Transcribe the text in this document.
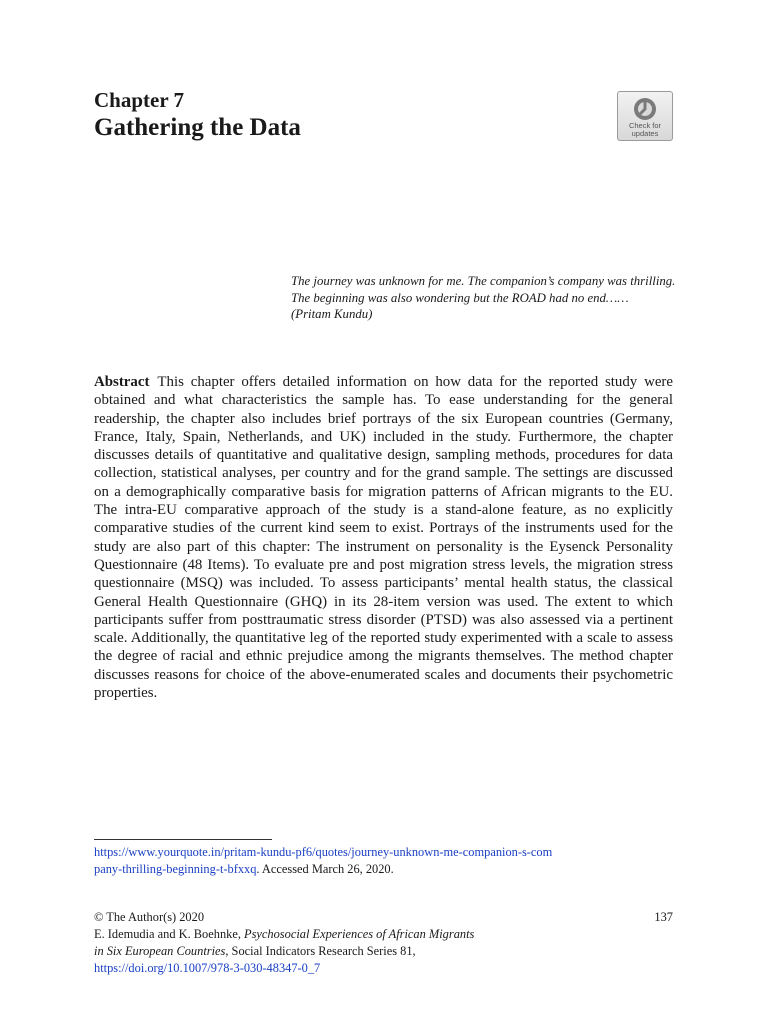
Chapter 7
Gathering the Data	Check for
updates

The journey was unknown for me. The companion’s company was thrilling. The beginning was also wondering but the ROAD had no end……

(Pritam Kundu)

Abstract This chapter offers detailed information on how data for the reported study were obtained and what characteristics the sample has. To ease understanding for the general readership, the chapter also includes brief portrays of the six European countries (Germany, France, Italy, Spain, Netherlands, and UK) included in the study. Furthermore, the chapter discusses details of quantitative and qualitative design, sampling methods, procedures for data collection, statistical analyses, per country and for the grand sample. The settings are discussed on a demographically comparative basis for migration patterns of African migrants to the EU. The intra-EU comparative approach of the study is a stand-alone feature, as no explicitly comparative studies of the current kind seem to exist. Portrays of the instruments used for the study are also part of this chapter: The instrument on personality is the Eysenck Personality Questionnaire (48 Items). To evaluate pre and post migration stress levels, the migration stress questionnaire (MSQ) was included. To assess participants’ mental health status, the classical General Health Questionnaire (GHQ) in its 28-item version was used. The extent to which participants suffer from posttraumatic stress disorder (PTSD) was also assessed via a pertinent scale. Additionally, the quantitative leg of the reported study experimented with a scale to assess the degree of racial and ethnic prejudice among the migrants themselves. The method chapter discusses reasons for choice of the above-enumerated scales and documents their psychometric properties.

https://www.yourquote.in/pritam-kundu-pf6/quotes/journey-unknown-me-companion-s-com
pany-thrilling-beginning-t-bfxxq. Accessed March 26, 2020.

137
© The Author(s) 2020
E. Idemudia and K. Boehnke, Psychosocial Experiences of African Migrants
in Six European Countries, Social Indicators Research Series 81,
https://doi.org/10.1007/978-3-030-48347-0_7
